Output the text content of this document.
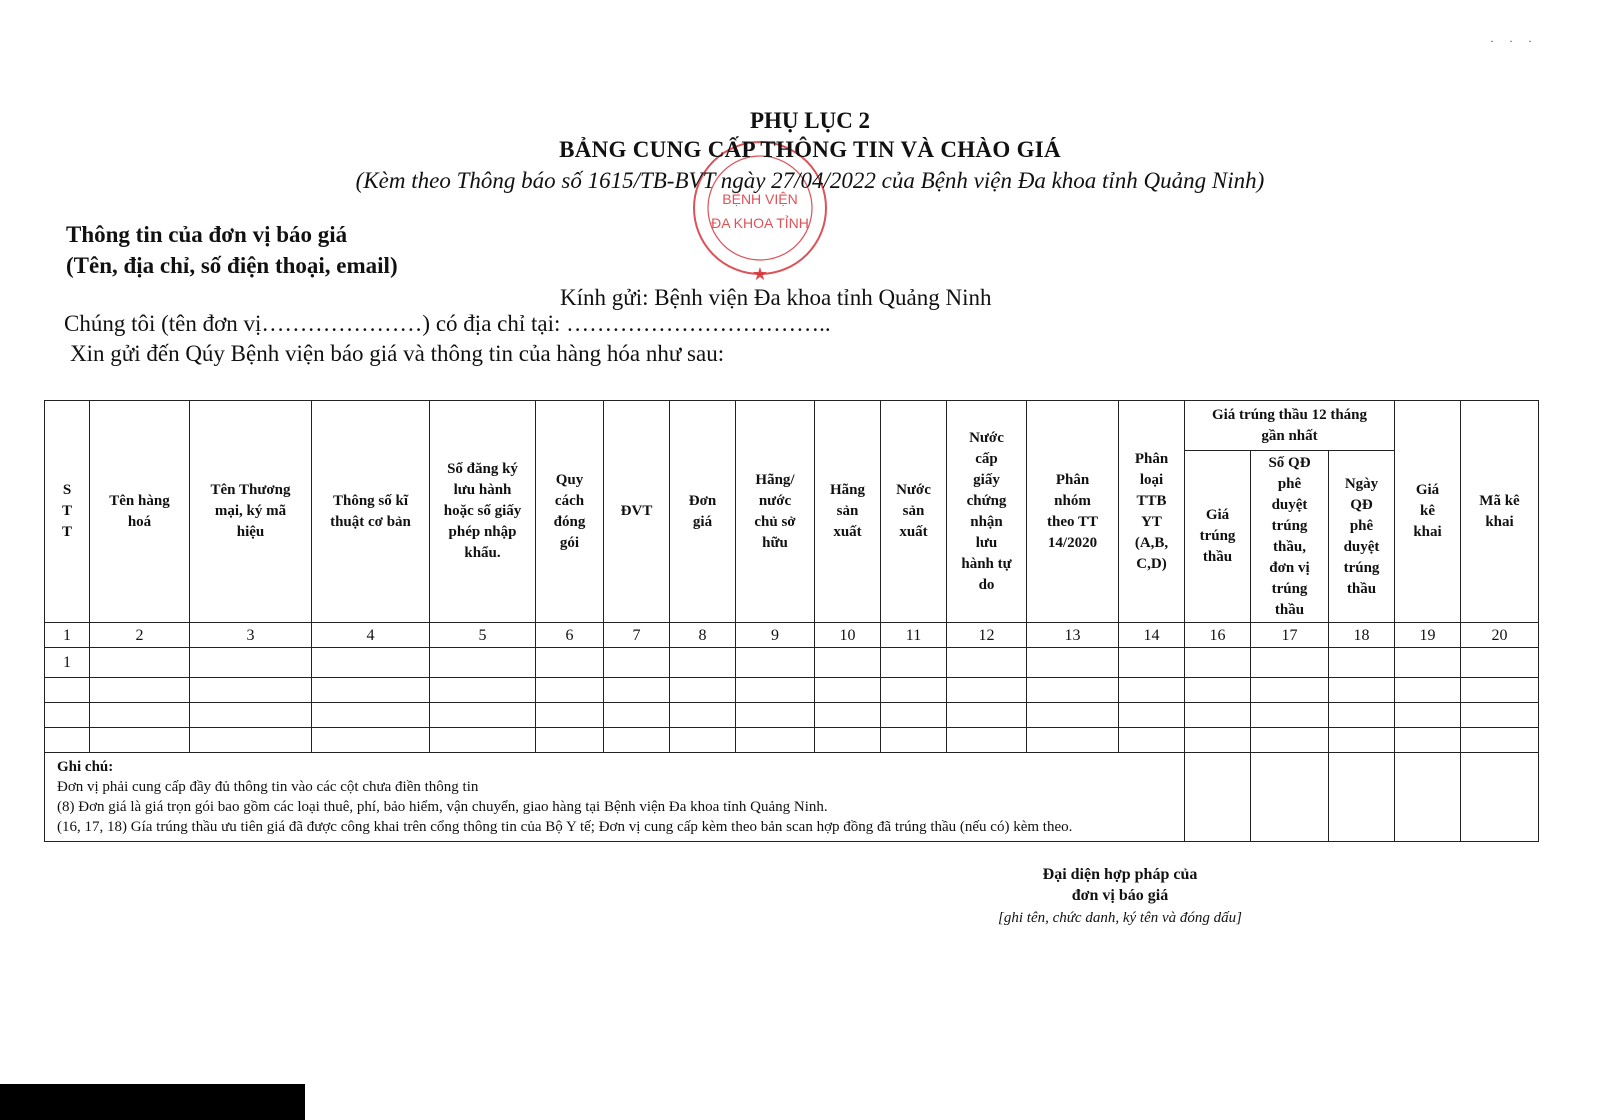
· · ·
BỆNH VIỆN
ĐA KHOA TỈNH
★
PHỤ LỤC 2
BẢNG CUNG CẤP THÔNG TIN VÀ CHÀO GIÁ
(Kèm theo Thông báo số 1615/TB-BVT ngày 27/04/2022 của Bệnh viện Đa khoa tỉnh Quảng Ninh)
Thông tin của đơn vị báo giá
(Tên, địa chỉ, số điện thoại, email)
Kính gửi: Bệnh viện Đa khoa tỉnh Quảng Ninh
Chúng tôi (tên đơn vị…………………) có địa chỉ tại: ……………………………..
Xin gửi đến Qúy Bệnh viện báo giá và thông tin của hàng hóa như sau:
S T T	Tên hàng hoá	Tên Thương mại, ký mã hiệu	Thông số kĩ thuật cơ bản	Số đăng ký lưu hành hoặc số giấy phép nhập khẩu.	Quy cách đóng gói	ĐVT	Đơn giá	Hãng/ nước chủ sở hữu	Hãng sản xuất	Nước sản xuất	Nước cấp giấy chứng nhận lưu hành tự do	Phân nhóm theo TT 14/2020	Phân loại TTB YT (A,B, C,D)	Giá trúng thầu 12 tháng gần nhất			Giá kê khai	Mã kê khai
														Giá trúng thầu	Số QĐ phê duyệt trúng thầu, đơn vị trúng thầu	Ngày QĐ phê duyệt trúng thầu		
1	2	3	4	5	6	7	8	9	10	11	12	13	14	16	17	18	19	20
1																		

Ghi chú:
Đơn vị phải cung cấp đầy đủ thông tin vào các cột chưa điền thông tin
(8) Đơn giá là giá trọn gói bao gồm các loại thuê, phí, bảo hiểm, vận chuyển, giao hàng tại Bệnh viện Đa khoa tỉnh Quảng Ninh.
(16, 17, 18) Gía trúng thầu ưu tiên giá đã được công khai trên cổng thông tin của Bộ Y tế; Đơn vị cung cấp kèm theo bản scan hợp đồng đã trúng thầu (nếu có) kèm theo.																		

Đại diện hợp pháp của
đơn vị báo giá
[ghi tên, chức danh, ký tên và đóng dấu]
